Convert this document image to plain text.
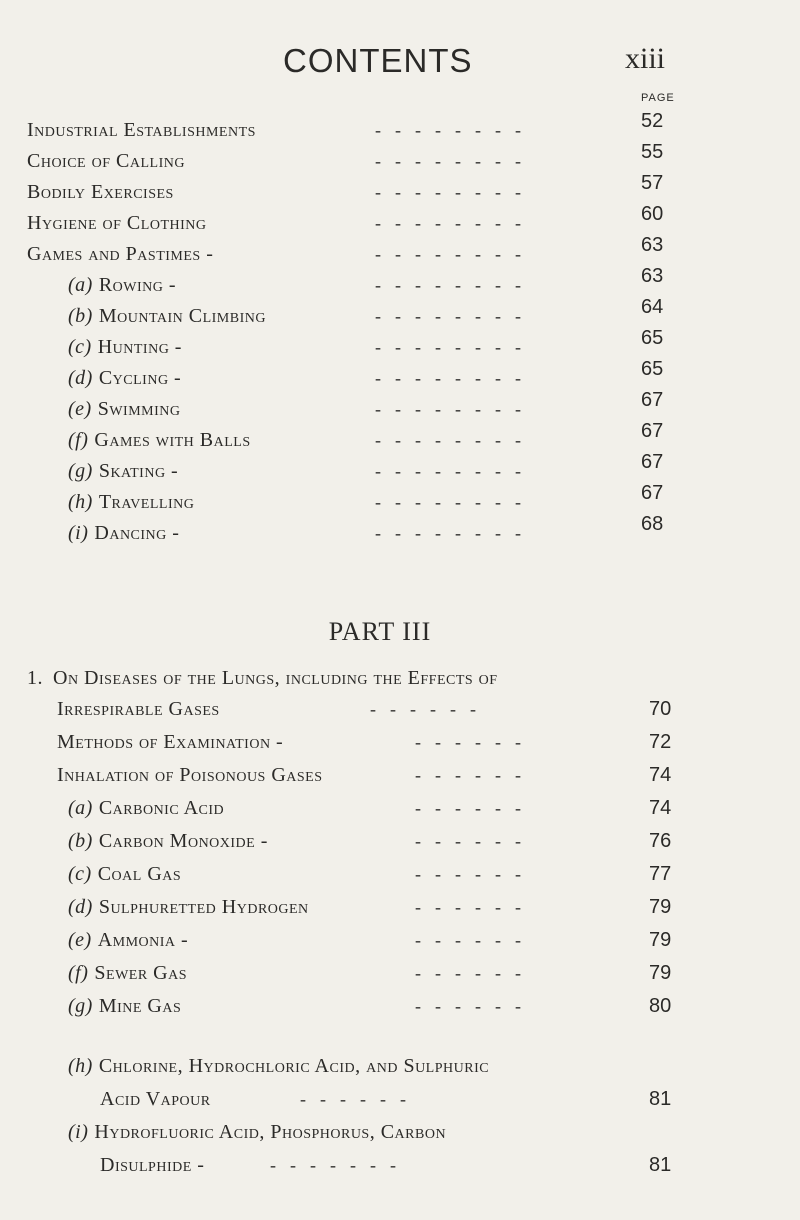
CONTENTS	xiii
PAGE
Industrial Establishments	--------	52
Choice of Calling	--------	55
Bodily Exercises	--------	57
Hygiene of Clothing	--------	60
Games and Pastimes -	--------	63
(a) Rowing -	--------	63
(b) Mountain Climbing	--------	64
(c) Hunting -	--------	65
(d) Cycling -	--------	65
(e) Swimming	--------	67
(f) Games with Balls	--------	67
(g) Skating -	--------	67
(h) Travelling	--------	67
(i) Dancing -	--------	68
PART III
1. On Diseases of the Lungs, including the Effects of
Irrespirable Gases	------	70
Methods of Examination -	------	72
Inhalation of Poisonous Gases	------	74
(a) Carbonic Acid	------	74
(b) Carbon Monoxide -	------	76
(c) Coal Gas	------	77
(d) Sulphuretted Hydrogen	------	79
(e) Ammonia -	------	79
(f) Sewer Gas	------	79
(g) Mine Gas	------	80
(h) Chlorine, Hydrochloric Acid, and Sulphuric
Acid Vapour	------	81
(i) Hydrofluoric Acid, Phosphorus, Carbon
Disulphide -	-------	81
